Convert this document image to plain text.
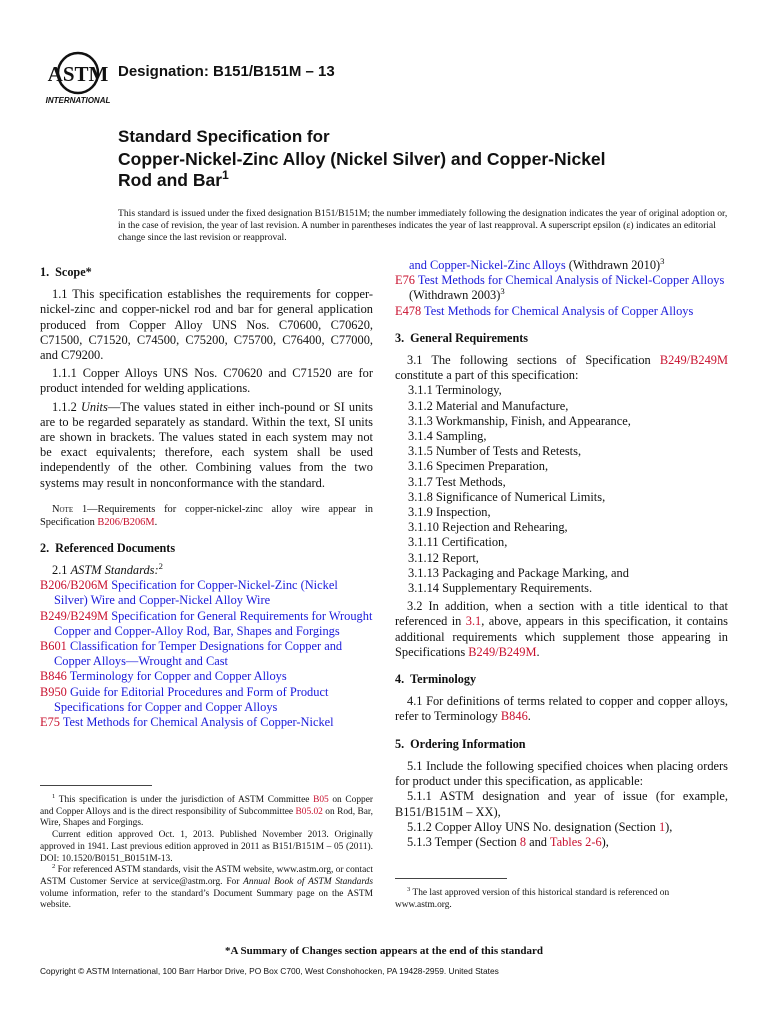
ASTM
INTERNATIONAL
Designation: B151/B151M – 13
Standard Specification for
Copper-Nickel-Zinc Alloy (Nickel Silver) and Copper-Nickel
Rod and Bar$^1$
This standard is issued under the fixed designation B151/B151M; the number immediately following the designation indicates the year of original adoption or, in the case of revision, the year of last revision. A number in parentheses indicates the year of last reapproval. A superscript epsilon (ε) indicates an editorial change since the last revision or reapproval.
1. Scope*

1.1 This specification establishes the requirements for copper-nickel-zinc and copper-nickel rod and bar for general application produced from Copper Alloy UNS Nos. C70600, C70620, C71500, C71520, C74500, C75200, C75700, C76400, C77000, and C79200.

1.1.1 Copper Alloys UNS Nos. C70620 and C71520 are for product intended for welding applications.

1.1.2 Units—The values stated in either inch-pound or SI units are to be regarded separately as standard. Within the text, SI units are shown in brackets. The values stated in each system may not be exact equivalents; therefore, each system shall be used independently of the other. Combining values from the two systems may result in nonconformance with the standard.

Note 1—Requirements for copper-nickel-zinc alloy wire appear in Specification B206/B206M.

2. Referenced Documents

2.1 ASTM Standards:$^2$

B206/B206M Specification for Copper-Nickel-Zinc (Nickel Silver) Wire and Copper-Nickel Alloy Wire

B249/B249M Specification for General Requirements for Wrought Copper and Copper-Alloy Rod, Bar, Shapes and Forgings

B601 Classification for Temper Designations for Copper and Copper Alloys—Wrought and Cast

B846 Terminology for Copper and Copper Alloys

B950 Guide for Editorial Procedures and Form of Product Specifications for Copper and Copper Alloys

E75 Test Methods for Chemical Analysis of Copper-Nickel

$^1$ This specification is under the jurisdiction of ASTM Committee B05 on Copper and Copper Alloys and is the direct responsibility of Subcommittee B05.02 on Rod, Bar, Wire, Shapes and Forgings.

Current edition approved Oct. 1, 2013. Published November 2013. Originally approved in 1941. Last previous edition approved in 2011 as B151/B151M – 05 (2011). DOI: 10.1520/B0151_B0151M-13.

$^2$ For referenced ASTM standards, visit the ASTM website, www.astm.org, or contact ASTM Customer Service at service@astm.org. For Annual Book of ASTM Standards volume information, refer to the standard’s Document Summary page on the ASTM website.

and Copper-Nickel-Zinc Alloys (Withdrawn 2010)$^3$

E76 Test Methods for Chemical Analysis of Nickel-Copper Alloys (Withdrawn 2003)$^3$

E478 Test Methods for Chemical Analysis of Copper Alloys

3. General Requirements

3.1 The following sections of Specification B249/B249M constitute a part of this specification:

3.1.1 Terminology,

3.1.2 Material and Manufacture,

3.1.3 Workmanship, Finish, and Appearance,

3.1.4 Sampling,

3.1.5 Number of Tests and Retests,

3.1.6 Specimen Preparation,

3.1.7 Test Methods,

3.1.8 Significance of Numerical Limits,

3.1.9 Inspection,

3.1.10 Rejection and Rehearing,

3.1.11 Certification,

3.1.12 Report,

3.1.13 Packaging and Package Marking, and

3.1.14 Supplementary Requirements.

3.2 In addition, when a section with a title identical to that referenced in 3.1, above, appears in this specification, it contains additional requirements which supplement those appearing in Specifications B249/B249M.

4. Terminology

4.1 For definitions of terms related to copper and copper alloys, refer to Terminology B846.

5. Ordering Information

5.1 Include the following specified choices when placing orders for product under this specification, as applicable:

5.1.1 ASTM designation and year of issue (for example, B151/B151M – XX),

5.1.2 Copper Alloy UNS No. designation (Section 1),

5.1.3 Temper (Section 8 and Tables 2-6),

$^3$ The last approved version of this historical standard is referenced on www.astm.org.
*A Summary of Changes section appears at the end of this standard
Copyright © ASTM International, 100 Barr Harbor Drive, PO Box C700, West Conshohocken, PA 19428-2959. United States
